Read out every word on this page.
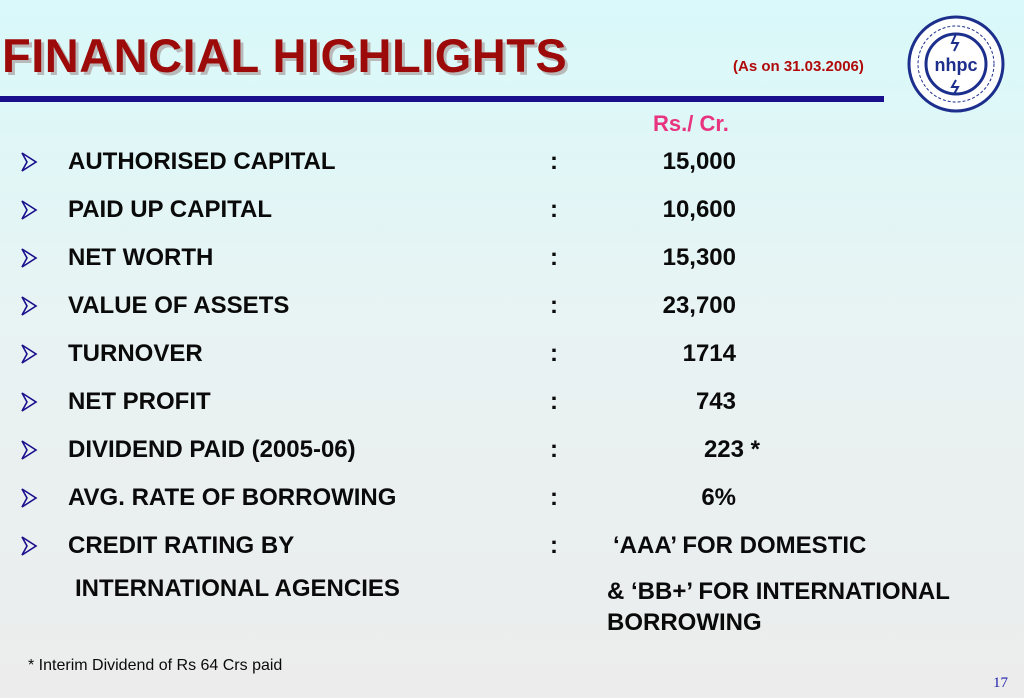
FINANCIAL HIGHLIGHTS	(As on 31.03.2006)	nhpc
Rs./ Cr.
AUTHORISED CAPITAL	:	15,000
PAID UP CAPITAL	:	10,600
NET WORTH	:	15,300
VALUE OF ASSETS	:	23,700
TURNOVER	:	1714
NET PROFIT	:	743
DIVIDEND PAID (2005-06)	:	223 *
AVG. RATE OF BORROWING	:	6%
CREDIT RATING BY	: ‘AAA’ FOR DOMESTIC
INTERNATIONAL AGENCIES	& ‘BB+’ FOR INTERNATIONAL
BORROWING
* Interim Dividend of Rs 64 Crs paid
17
